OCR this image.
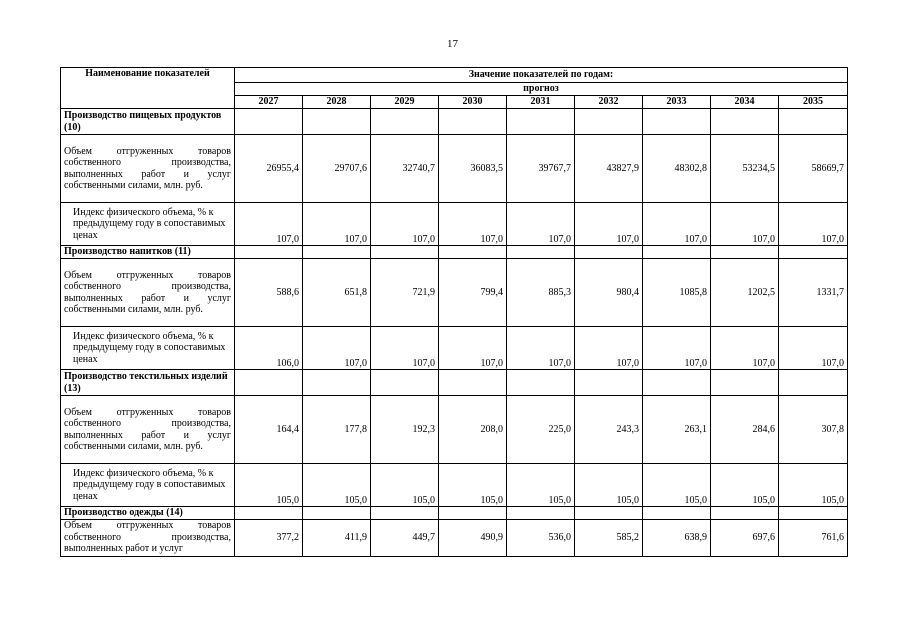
17
Наименование показателей	Значение показателей по годам:								
	прогноз								
	2027	2028	2029	2030	2031	2032	2033	2034	2035
Производство пищевых продуктов (10)									
Объем отгруженных товаров собственного производства, выполненных работ и услуг собственными силами, млн. руб.	26955,4	29707,6	32740,7	36083,5	39767,7	43827,9	48302,8	53234,5	58669,7
Индекс физического объема, % к предыдущему году в сопоставимых ценах	107,0	107,0	107,0	107,0	107,0	107,0	107,0	107,0	107,0
Производство напитков (11)									
Объем отгруженных товаров собственного производства, выполненных работ и услуг собственными силами, млн. руб.	588,6	651,8	721,9	799,4	885,3	980,4	1085,8	1202,5	1331,7
Индекс физического объема, % к предыдущему году в сопоставимых ценах	106,0	107,0	107,0	107,0	107,0	107,0	107,0	107,0	107,0
Производство текстильных изделий (13)									
Объем отгруженных товаров собственного производства, выполненных работ и услуг собственными силами, млн. руб.	164,4	177,8	192,3	208,0	225,0	243,3	263,1	284,6	307,8
Индекс физического объема, % к предыдущему году в сопоставимых ценах	105,0	105,0	105,0	105,0	105,0	105,0	105,0	105,0	105,0
Производство одежды (14)									
Объем отгруженных товаров собственного производства, выполненных работ и услуг	377,2	411,9	449,7	490,9	536,0	585,2	638,9	697,6	761,6
